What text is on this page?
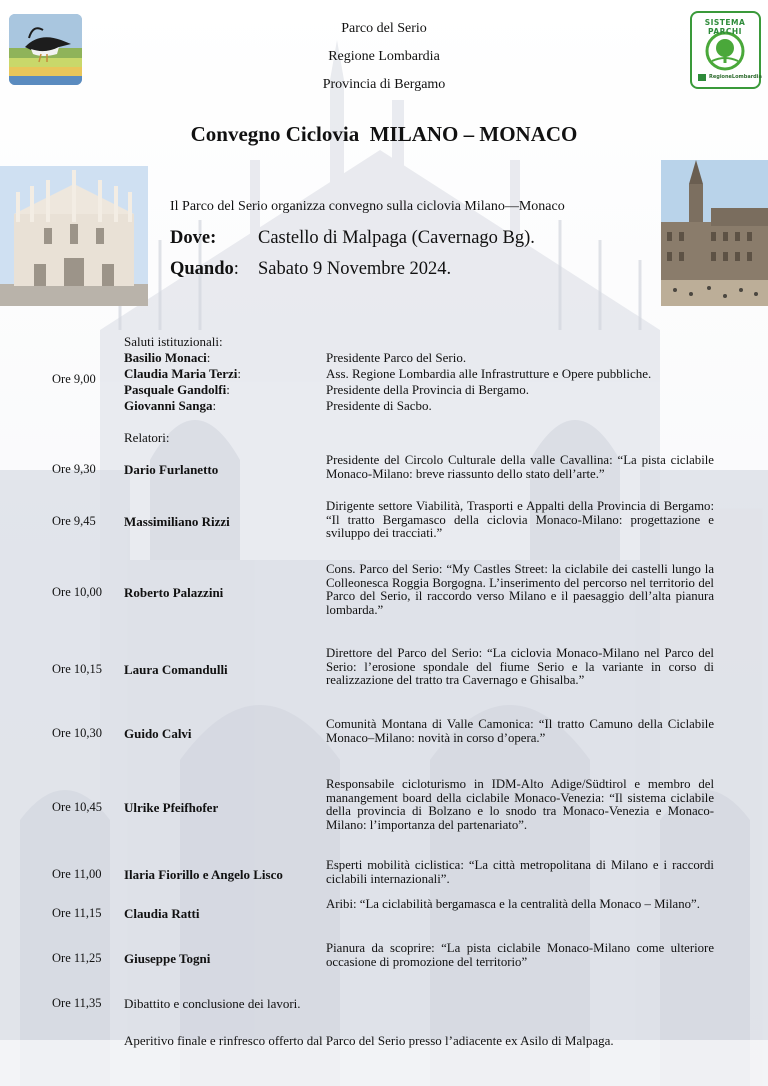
SISTEMA PARCHI
RegioneLombardia
Parco del Serio
Regione Lombardia
Provincia di Bergamo
Convegno Ciclovia  MILANO – MONACO
Il Parco del Serio organizza convegno sulla ciclovia Milano—Monaco
Dove: Castello di Malpaga (Cavernago Bg).
Quando: Sabato 9 Novembre 2024.
Ore 9,00
Saluti istituzionali:
Basilio Monaci:
Claudia Maria Terzi:
Pasquale Gandolfi:
Giovanni Sanga:
Presidente Parco del Serio.
Ass. Regione Lombardia alle Infrastrutture e Opere pubbliche.
Presidente della Provincia di Bergamo.
Presidente di Sacbo.
Relatori:
Ore 9,30 Dario Furlanetto
Presidente del Circolo Culturale della valle Cavallina: “La pista ciclabile Monaco-Milano: breve riassunto dello stato dell’arte.”
Ore 9,45 Massimiliano Rizzi
Dirigente settore Viabilità, Trasporti e Appalti della Provincia di Bergamo: “Il tratto Bergamasco della ciclovia Monaco-Milano: progettazione e sviluppo dei tracciati.”
Ore 10,00 Roberto Palazzini
Cons. Parco del Serio: “My Castles Street: la ciclabile dei castelli lungo la Colleonesca Roggia Borgogna. L’inserimento del percorso nel territorio del Parco del Serio, il raccordo verso Milano e il paesaggio dell’alta pianura lombarda.”
Ore 10,15 Laura Comandulli
Direttore del Parco del Serio: “La ciclovia Monaco-Milano nel Parco del Serio: l’erosione spondale del fiume Serio e la variante in corso di realizzazione del tratto tra Cavernago e Ghisalba.”
Ore 10,30 Guido Calvi
Comunità Montana di Valle Camonica: “Il tratto Camuno della Ciclabile Monaco–Milano: novità in corso d’opera.”
Ore 10,45 Ulrike Pfeifhofer
Responsabile cicloturismo in IDM-Alto Adige/Südtirol e membro del manangement board della ciclabile Monaco-Venezia: “Il sistema ciclabile della provincia di Bolzano e lo snodo tra Monaco-Venezia e Monaco-Milano: l’importanza del partenariato”.
Ore 11,00 Ilaria Fiorillo e Angelo Lisco
Esperti mobilità ciclistica: “La città metropolitana di Milano e i raccordi ciclabili internazionali”.
Ore 11,15 Claudia Ratti
Aribi: “La ciclabilità bergamasca e la centralità della Monaco – Milano”.
Ore 11,25 Giuseppe Togni
Pianura da scoprire: “La pista ciclabile Monaco-Milano come ulteriore occasione di promozione del territorio”
Ore 11,35 Dibattito e conclusione dei lavori.
Aperitivo finale e rinfresco offerto dal Parco del Serio presso l’adiacente ex Asilo di Malpaga.
